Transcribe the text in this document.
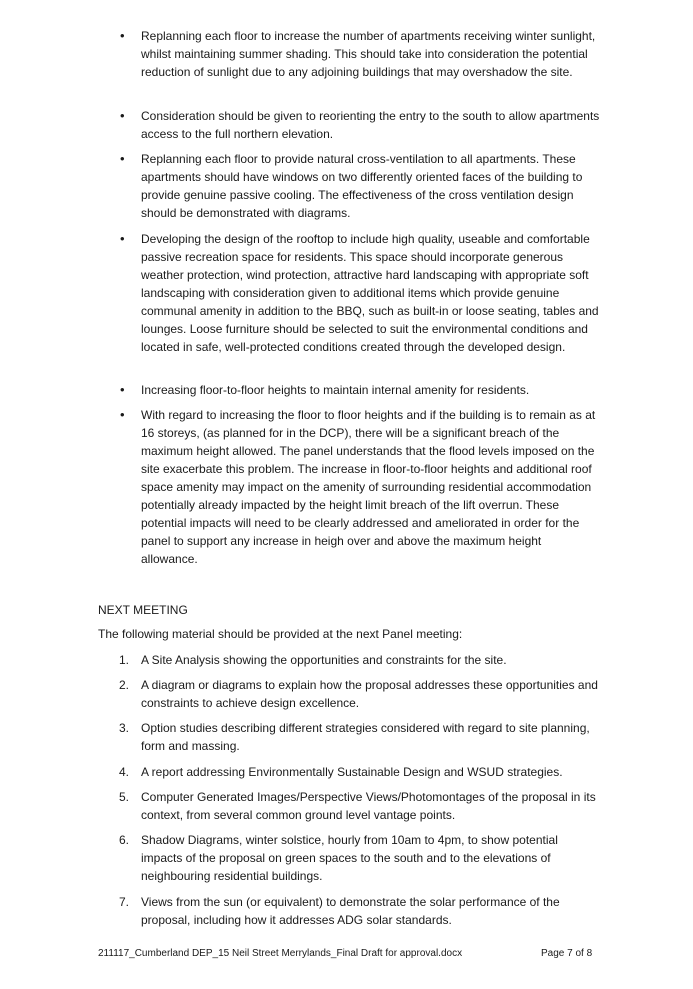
• Replanning each floor to increase the number of apartments receiving winter sunlight, whilst maintaining summer shading. This should take into consideration the potential reduction of sunlight due to any adjoining buildings that may overshadow the site.

• Consideration should be given to reorienting the entry to the south to allow apartments access to the full northern elevation.

• Replanning each floor to provide natural cross-ventilation to all apartments. These apartments should have windows on two differently oriented faces of the building to provide genuine passive cooling. The effectiveness of the cross ventilation design should be demonstrated with diagrams.

• Developing the design of the rooftop to include high quality, useable and comfortable passive recreation space for residents. This space should incorporate generous weather protection, wind protection, attractive hard landscaping with appropriate soft landscaping with consideration given to additional items which provide genuine communal amenity in addition to the BBQ, such as built-in or loose seating, tables and lounges. Loose furniture should be selected to suit the environmental conditions and located in safe, well-protected conditions created through the developed design.

• Increasing floor-to-floor heights to maintain internal amenity for residents.

• With regard to increasing the floor to floor heights and if the building is to remain as at 16 storeys, (as planned for in the DCP), there will be a significant breach of the maximum height allowed. The panel understands that the flood levels imposed on the site exacerbate this problem. The increase in floor-to-floor heights and additional roof space amenity may impact on the amenity of surrounding residential accommodation potentially already impacted by the height limit breach of the lift overrun. These potential impacts will need to be clearly addressed and ameliorated in order for the panel to support any increase in heigh over and above the maximum height allowance.

NEXT MEETING

The following material should be provided at the next Panel meeting:

1. A Site Analysis showing the opportunities and constraints for the site.

2. A diagram or diagrams to explain how the proposal addresses these opportunities and constraints to achieve design excellence.

3. Option studies describing different strategies considered with regard to site planning, form and massing.

4. A report addressing Environmentally Sustainable Design and WSUD strategies.

5. Computer Generated Images/Perspective Views/Photomontages of the proposal in its context, from several common ground level vantage points.

6. Shadow Diagrams, winter solstice, hourly from 10am to 4pm, to show potential impacts of the proposal on green spaces to the south and to the elevations of neighbouring residential buildings.

7. Views from the sun (or equivalent) to demonstrate the solar performance of the proposal, including how it addresses ADG solar standards.

211117_Cumberland DEP_15 Neil Street Merrylands_Final Draft for approval.docx	Page 7 of 8
